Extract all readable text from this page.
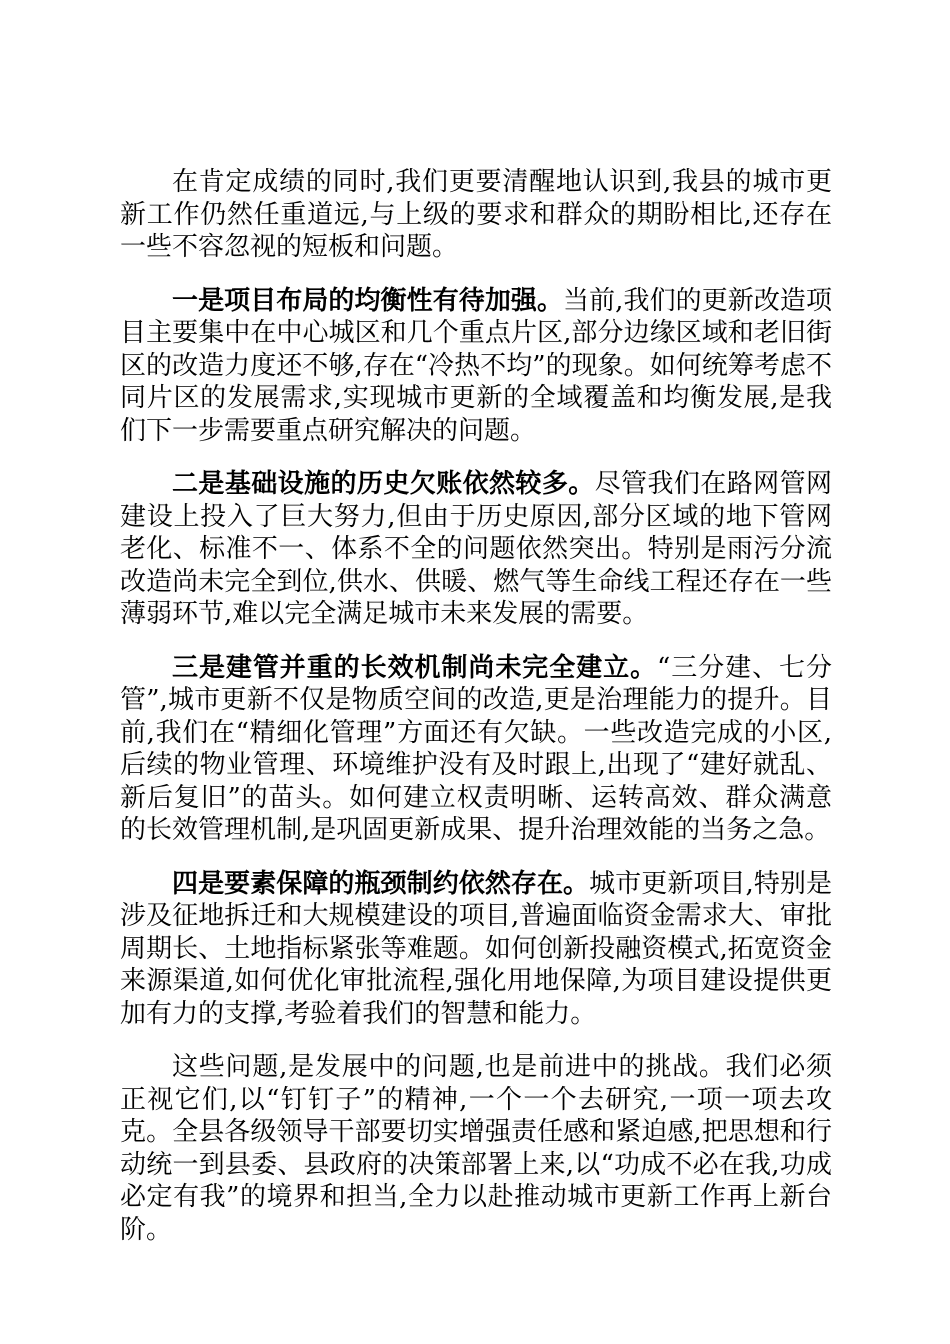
在肯定成绩的同时,我们更要清醒地认识到,我县的城市更新工作仍然任重道远,与上级的要求和群众的期盼相比,还存在一些不容忽视的短板和问题。

一是项目布局的均衡性有待加强。当前,我们的更新改造项目主要集中在中心城区和几个重点片区,部分边缘区域和老旧街区的改造力度还不够,存在“冷热不均”的现象。如何统筹考虑不同片区的发展需求,实现城市更新的全域覆盖和均衡发展,是我们下一步需要重点研究解决的问题。

二是基础设施的历史欠账依然较多。尽管我们在路网管网建设上投入了巨大努力,但由于历史原因,部分区域的地下管网老化、标准不一、体系不全的问题依然突出。特别是雨污分流改造尚未完全到位,供水、供暖、燃气等生命线工程还存在一些薄弱环节,难以完全满足城市未来发展的需要。

三是建管并重的长效机制尚未完全建立。“三分建、七分管”,城市更新不仅是物质空间的改造,更是治理能力的提升。目前,我们在“精细化管理”方面还有欠缺。一些改造完成的小区,后续的物业管理、环境维护没有及时跟上,出现了“建好就乱、新后复旧”的苗头。如何建立权责明晰、运转高效、群众满意的长效管理机制,是巩固更新成果、提升治理效能的当务之急。

四是要素保障的瓶颈制约依然存在。城市更新项目,特别是涉及征地拆迁和大规模建设的项目,普遍面临资金需求大、审批周期长、土地指标紧张等难题。如何创新投融资模式,拓宽资金来源渠道,如何优化审批流程,强化用地保障,为项目建设提供更加有力的支撑,考验着我们的智慧和能力。

这些问题,是发展中的问题,也是前进中的挑战。我们必须正视它们,以“钉钉子”的精神,一个一个去研究,一项一项去攻克。全县各级领导干部要切实增强责任感和紧迫感,把思想和行动统一到县委、县政府的决策部署上来,以“功成不必在我,功成必定有我”的境界和担当,全力以赴推动城市更新工作再上新台阶。
